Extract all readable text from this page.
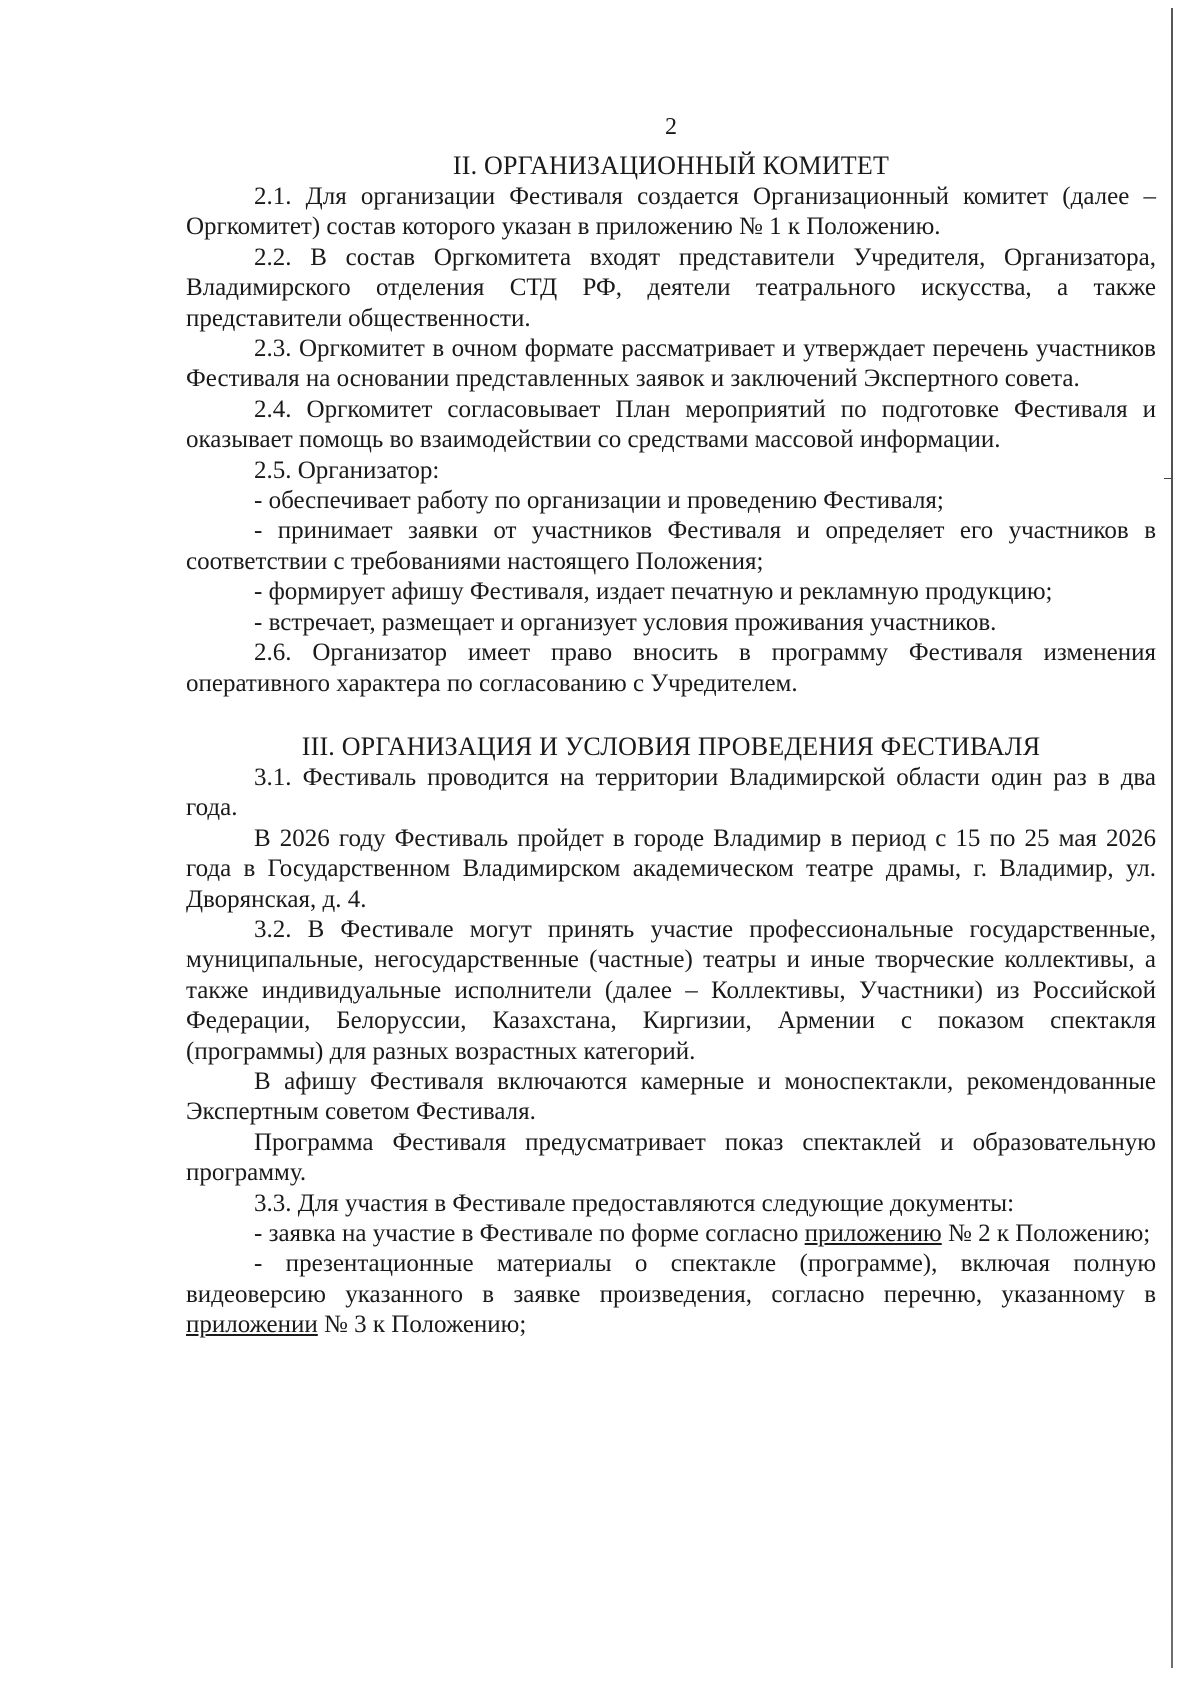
2
II. ОРГАНИЗАЦИОННЫЙ КОМИТЕТ

2.1. Для организации Фестиваля создается Организационный комитет (далее – Оргкомитет) состав которого указан в приложению № 1 к Положению.

2.2. В состав Оргкомитета входят представители Учредителя, Организатора, Владимирского отделения СТД РФ, деятели театрального искусства, а также представители общественности.

2.3. Оргкомитет в очном формате рассматривает и утверждает перечень участников Фестиваля на основании представленных заявок и заключений Экспертного совета.

2.4. Оргкомитет согласовывает План мероприятий по подготовке Фестиваля и оказывает помощь во взаимодействии со средствами массовой информации.

2.5. Организатор:

- обеспечивает работу по организации и проведению Фестиваля;

- принимает заявки от участников Фестиваля и определяет его участников в соответствии с требованиями настоящего Положения;

- формирует афишу Фестиваля, издает печатную и рекламную продукцию;

- встречает, размещает и организует условия проживания участников.

2.6. Организатор имеет право вносить в программу Фестиваля изменения оперативного характера по согласованию с Учредителем.

III. ОРГАНИЗАЦИЯ И УСЛОВИЯ ПРОВЕДЕНИЯ ФЕСТИВАЛЯ

3.1. Фестиваль проводится на территории Владимирской области один раз в два года.

В 2026 году Фестиваль пройдет в городе Владимир в период с 15 по 25 мая 2026 года в Государственном Владимирском академическом театре драмы, г. Владимир, ул. Дворянская, д. 4.

3.2. В Фестивале могут принять участие профессиональные государственные, муниципальные, негосударственные (частные) театры и иные творческие коллективы, а также индивидуальные исполнители (далее – Коллективы, Участники) из Российской Федерации, Белоруссии, Казахстана, Киргизии, Армении с показом спектакля (программы) для разных возрастных категорий.

В афишу Фестиваля включаются камерные и моноспектакли, рекомендованные Экспертным советом Фестиваля.

Программа Фестиваля предусматривает показ спектаклей и образовательную программу.

3.3. Для участия в Фестивале предоставляются следующие документы:

- заявка на участие в Фестивале по форме согласно приложению № 2 к Положению;

- презентационные материалы о спектакле (программе), включая полную видеоверсию указанного в заявке произведения, согласно перечню, указанному в приложении № 3 к Положению;
